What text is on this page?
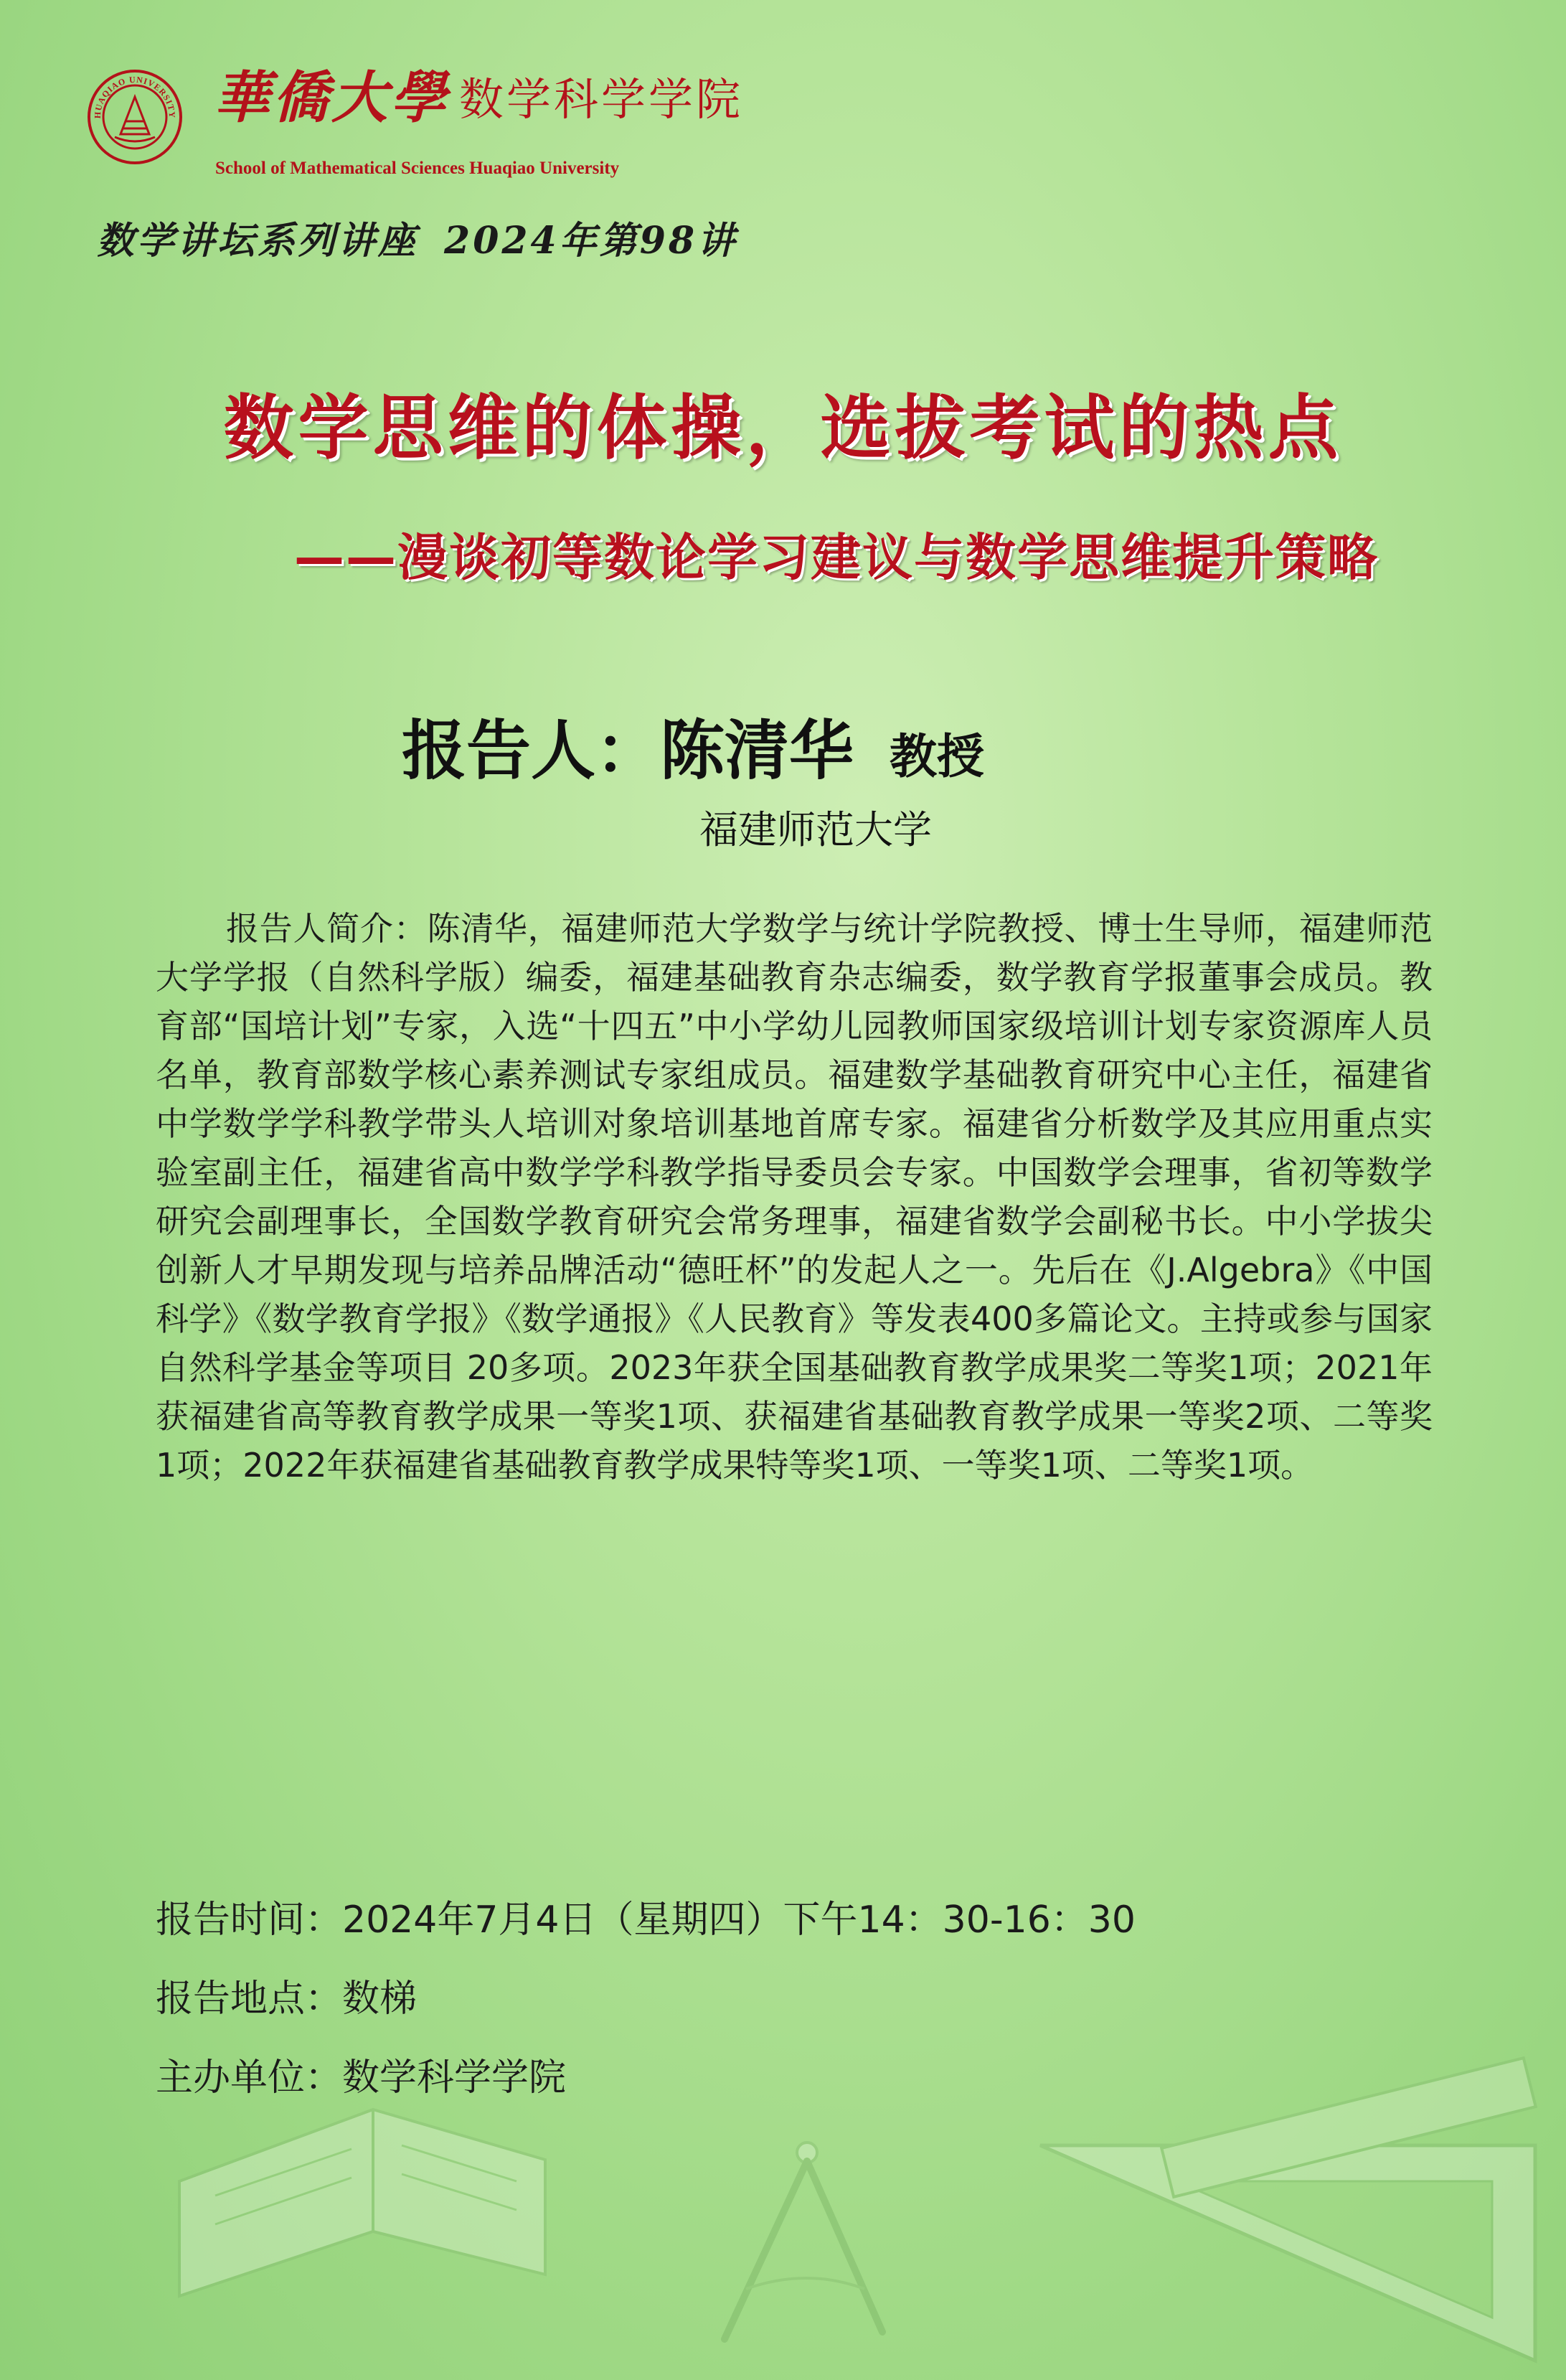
HUAQIAO UNIVERSITY 華僑大學 数学科学学院
School of Mathematical Sciences Huaqiao University
数学讲坛系列讲座 2024年第98讲
数学思维的体操，选拔考试的热点
——漫谈初等数论学习建议与数学思维提升策略
报告人：陈清华 教授
福建师范大学

报告人简介：陈清华，福建师范大学数学与统计学院教授、博士生导师，福建师范大学学报（自然科学版）编委，福建基础教育杂志编委，数学教育学报董事会成员。教育部“国培计划”专家，入选“十四五”中小学幼儿园教师国家级培训计划专家资源库人员名单，教育部数学核心素养测试专家组成员。福建数学基础教育研究中心主任，福建省中学数学学科教学带头人培训对象培训基地首席专家。福建省分析数学及其应用重点实验室副主任，福建省高中数学学科教学指导委员会专家。中国数学会理事，省初等数学研究会副理事长，全国数学教育研究会常务理事，福建省数学会副秘书长。中小学拔尖创新人才早期发现与培养品牌活动“德旺杯”的发起人之一。先后在《J.Algebra》《中国科学》《数学教育学报》《数学通报》《人民教育》等发表400多篇论文。主持或参与国家自然科学基金等项目 20多项。2023年获全国基础教育教学成果奖二等奖1项；2021年获福建省高等教育教学成果一等奖1项、获福建省基础教育教学成果一等奖2项、二等奖1项；2022年获福建省基础教育教学成果特等奖1项、一等奖1项、二等奖1项。

报告时间：2024年7月4日（星期四）下午14：30-16：30
报告地点：数梯
主办单位：数学科学学院
